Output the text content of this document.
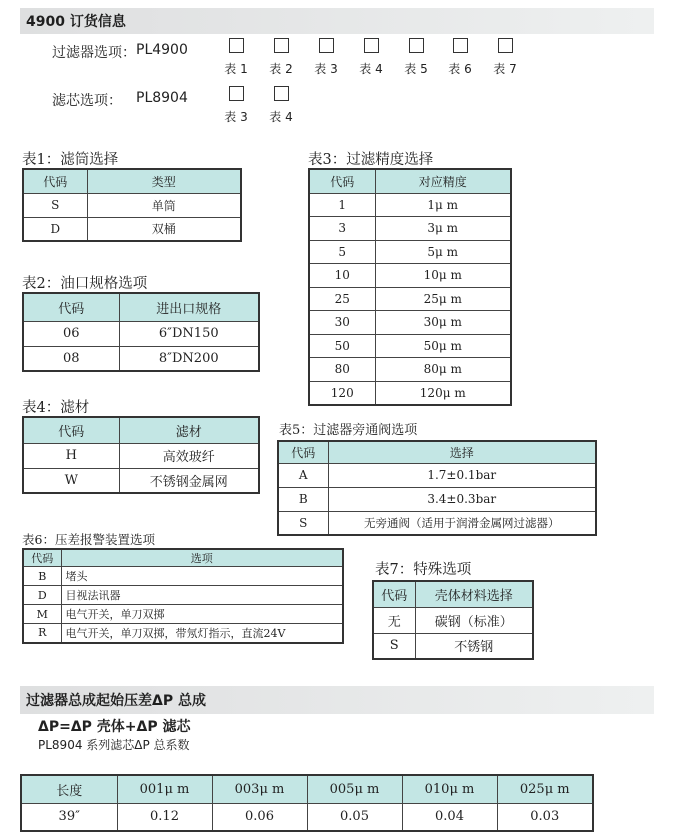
4900 订货信息
过滤器选项： PL4900
表 1 表 2 表 3 表 4 表 5 表 6 表 7
滤芯选项： PL8904
表 3 表 4
表1：滤筒选择
代码	类型
S	单筒
D	双桶
表2：油口规格选项
代码	进出口规格
06	6″DN150
08	8″DN200
表3：过滤精度选择
代码	对应精度
1	1μ m
3	3μ m
5	5μ m
10	10μ m
25	25μ m
30	30μ m
50	50μ m
80	80μ m
120	120μ m
表4：滤材
代码	滤材
H	高效玻纤
W	不锈钢金属网
表5：过滤器旁通阀选项
代码	选择
A	1.7±0.1bar
B	3.4±0.3bar
S	无旁通阀（适用于润滑金属网过滤器）
表6：压差报警装置选项
代码	选项
B	堵头
D	目视法讯器
M	电气开关，单刀双掷
R	电气开关，单刀双掷，带氖灯指示，直流24V
表7：特殊选项
代码	壳体材料选择
无	碳钢（标准）
S	不锈钢
过滤器总成起始压差ΔP 总成
ΔP=ΔP 壳体+ΔP 滤芯
PL8904 系列滤芯ΔP 总系数
长度	001μ m	003μ m	005μ m	010μ m	025μ m
39″	0.12	0.06	0.05	0.04	0.03
